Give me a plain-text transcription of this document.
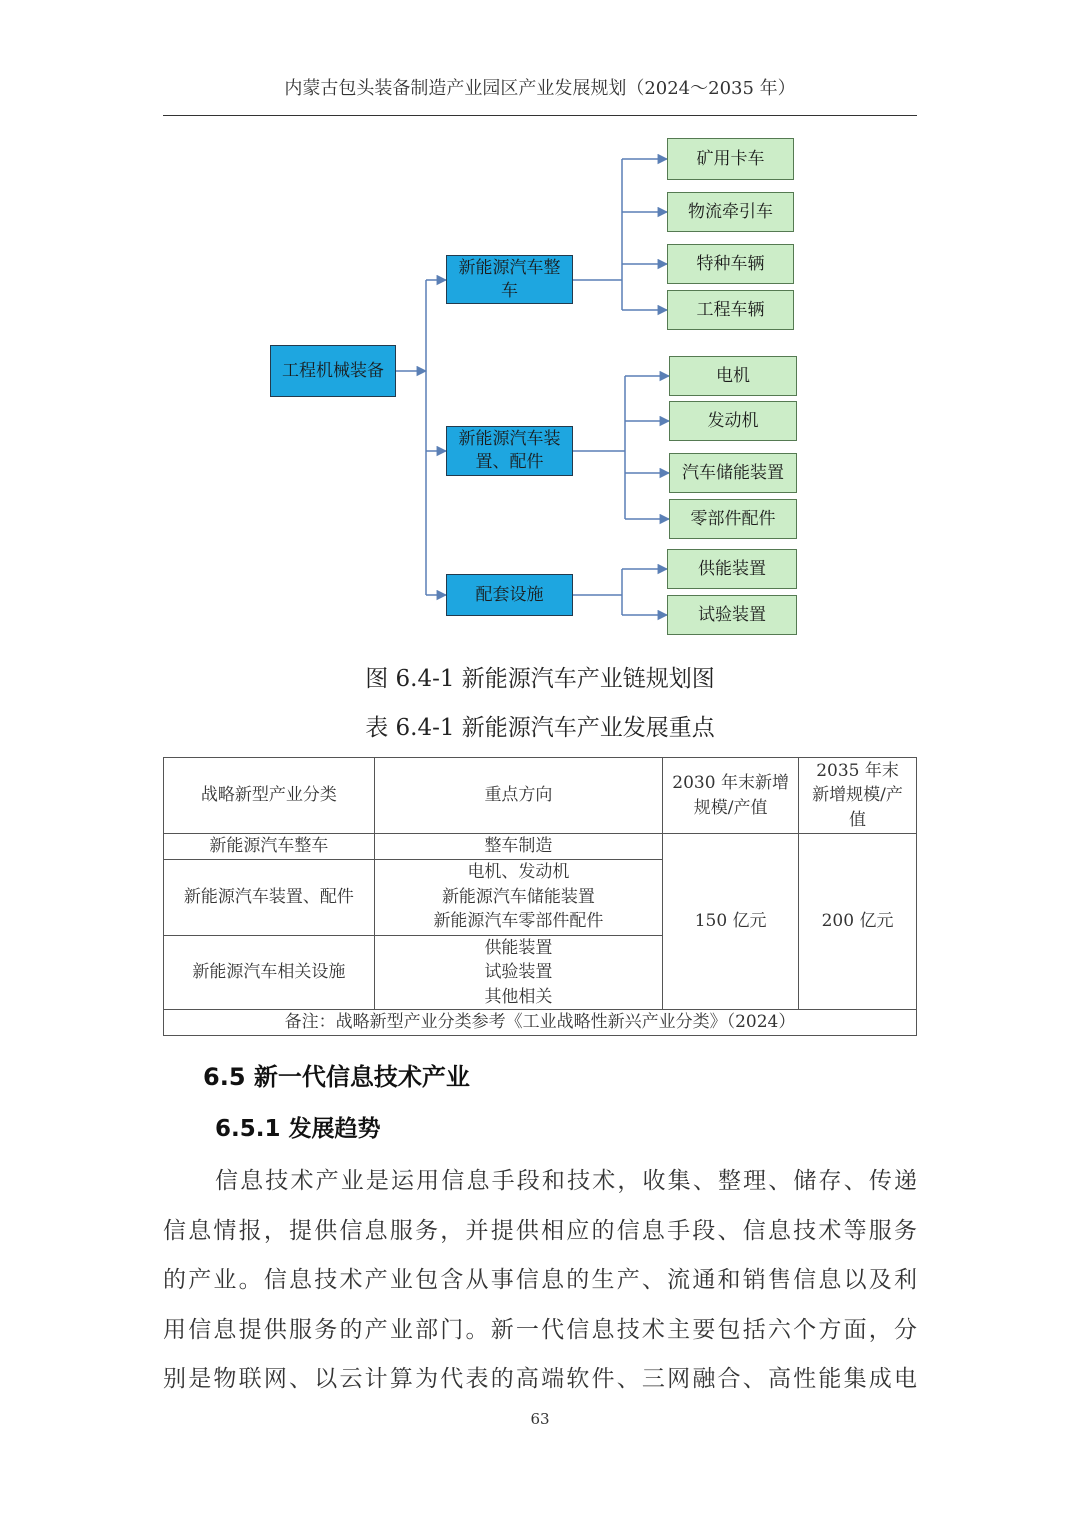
内蒙古包头装备制造产业园区产业发展规划（2024～2035 年）
工程机械装备
新能源汽车整车
新能源汽车装置、配件
配套设施
矿用卡车
物流牵引车
特种车辆
工程车辆
电机
发动机
汽车储能装置
零部件配件
供能装置
试验装置
图 6.4-1 新能源汽车产业链规划图
表 6.4-1 新能源汽车产业发展重点
战略新型产业分类	重点方向	2030 年末新增规模/产值	2035 年末新增规模/产值
新能源汽车整车	整车制造	150 亿元	200 亿元
新能源汽车装置、配件	电机、发动机
新能源汽车储能装置
新能源汽车零部件配件		

新能源汽车相关设施	供能装置
试验装置
其他相关		

备注：战略新型产业分类参考《工业战略性新兴产业分类》（2024）			
6.5 新一代信息技术产业
6.5.1 发展趋势
信息技术产业是运用信息手段和技术，收集、整理、储存、传递
信息情报，提供信息服务，并提供相应的信息手段、信息技术等服务
的产业。信息技术产业包含从事信息的生产、流通和销售信息以及利
用信息提供服务的产业部门。新一代信息技术主要包括六个方面，分
别是物联网、以云计算为代表的高端软件、三网融合、高性能集成电
63
